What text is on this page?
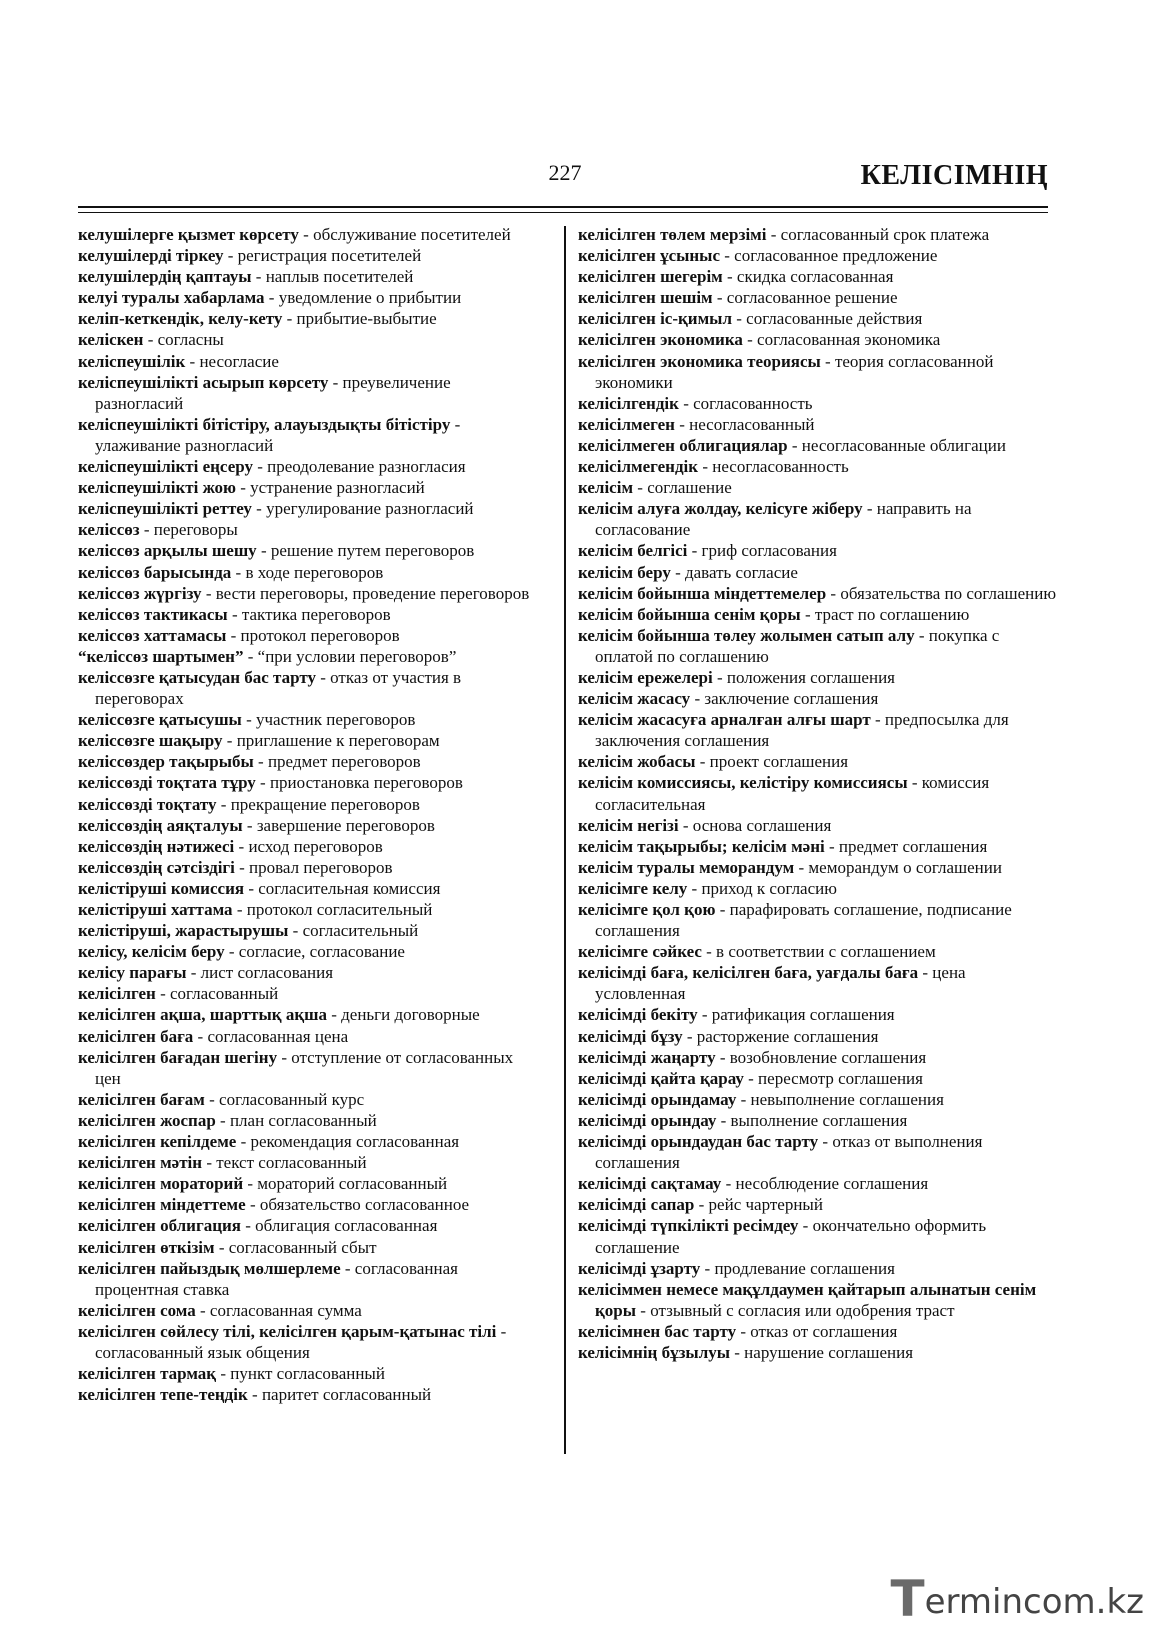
227	КЕЛІСІМНІҢ

келушілерге қызмет көрсету - обслуживание посетителей

келушілерді тіркеу - регистрация посетителей

келушілердің қаптауы - наплыв посетителей

келуі туралы хабарлама - уведомление о прибытии

келіп-кеткендік, келу-кету - прибытие-выбытие

келіскен - согласны

келіспеушілік - несогласие

келіспеушілікті асырып көрсету - преувеличение разногласий

келіспеушілікті бітістіру, алауыздықты бітістіру - улаживание разногласий

келіспеушілікті еңсеру - преодолевание разногласия

келіспеушілікті жою - устранение разногласий

келіспеушілікті реттеу - урегулирование разногласий

келіссөз - переговоры

келіссөз арқылы шешу - решение путем переговоров

келіссөз барысында - в ходе переговоров

келіссөз жүргізу - вести переговоры, проведение переговоров

келіссөз тактикасы - тактика переговоров

келіссөз хаттамасы - протокол переговоров

“келіссөз шартымен” - “при условии переговоров”

келіссөзге қатысудан бас тарту - отказ от участия в переговорах

келіссөзге қатысушы - участник переговоров

келіссөзге шақыру - приглашение к переговорам

келіссөздер тақырыбы - предмет переговоров

келіссөзді тоқтата тұру - приостановка переговоров

келіссөзді тоқтату - прекращение переговоров

келіссөздің аяқталуы - завершение переговоров

келіссөздің нәтижесі - исход переговоров

келіссөздің сәтсіздігі - провал переговоров

келістіруші комиссия - согласительная комиссия

келістіруші хаттама - протокол согласительный

келістіруші, жарастырушы - согласительный

келісу, келісім беру - согласие, согласование

келісу парағы - лист согласования

келісілген - согласованный

келісілген ақша, шарттық ақша - деньги договорные

келісілген баға - согласованная цена

келісілген бағадан шегіну - отступление от согласованных цен

келісілген бағам - согласованный курс

келісілген жоспар - план согласованный

келісілген кепілдеме - рекомендация согласованная

келісілген мәтін - текст согласованный

келісілген мораторий - мораторий согласованный

келісілген міндеттеме - обязательство согласованное

келісілген облигация - облигация согласованная

келісілген өткізім - согласованный сбыт

келісілген пайыздық мөлшерлеме - согласованная процентная ставка

келісілген сома - согласованная сумма

келісілген сөйлесу тілі, келісілген қарым-қатынас тілі - согласованный язык общения

келісілген тармақ - пункт согласованный

келісілген тепе-теңдік - паритет согласованный

келісілген төлем мерзімі - согласованный срок платежа

келісілген ұсыныс - согласованное предложение

келісілген шегерім - скидка согласованная

келісілген шешім - согласованное решение

келісілген іс-қимыл - согласованные действия

келісілген экономика - согласованная экономика

келісілген экономика теориясы - теория согласованной экономики

келісілгендік - согласованность

келісілмеген - несогласованный

келісілмеген облигациялар - несогласованные облигации

келісілмегендік - несогласованность

келісім - соглашение

келісім алуға жолдау, келісуге жіберу - направить на согласование

келісім белгісі - гриф согласования

келісім беру - давать согласие

келісім бойынша міндеттемелер - обязательства по соглашению

келісім бойынша сенім қоры - траст по соглашению

келісім бойынша төлеу жолымен сатып алу - покупка с оплатой по соглашению

келісім ережелері - положения соглашения

келісім жасасу - заключение соглашения

келісім жасасуға арналған алғы шарт - предпосылка для заключения соглашения

келісім жобасы - проект соглашения

келісім комиссиясы, келістіру комиссиясы - комиссия согласительная

келісім негізі - основа соглашения

келісім тақырыбы; келісім мәні - предмет соглашения

келісім туралы меморандум - меморандум о соглашении

келісімге келу - приход к согласию

келісімге қол қою - парафировать соглашение, подписание соглашения

келісімге сәйкес - в соответствии с соглашением

келісімді баға, келісілген баға, уағдалы баға - цена условленная

келісімді бекіту - ратификация соглашения

келісімді бұзу - расторжение соглашения

келісімді жаңарту - возобновление соглашения

келісімді қайта қарау - пересмотр соглашения

келісімді орындамау - невыполнение соглашения

келісімді орындау - выполнение соглашения

келісімді орындаудан бас тарту - отказ от выполнения соглашения

келісімді сақтамау - несоблюдение соглашения

келісімді сапар - рейс чартерный

келісімді түпкілікті ресімдеу - окончательно оформить соглашение

келісімді ұзарту - продлевание соглашения

келісіммен немесе мақұлдаумен қайтарып алынатын сенім қоры - отзывный с согласия или одобрения траст

келісімнен бас тарту - отказ от соглашения

келісімнің бұзылуы - нарушение соглашения

T ermincom.kz
